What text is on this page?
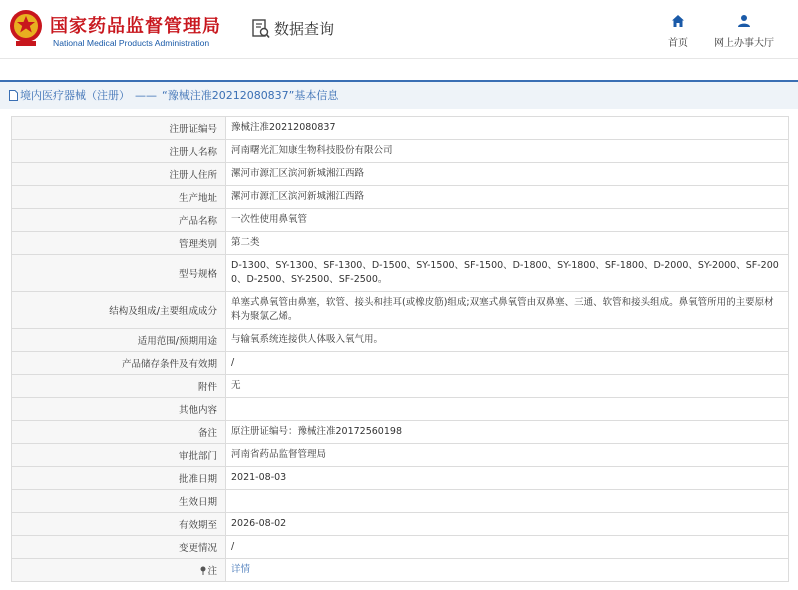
国家药品监督管理局
National Medical Products Administration
数据查询
首页	网上办事大厅
境内医疗器械（注册） —— “豫械注准20212080837”基本信息
注册证编号	豫械注准20212080837
注册人名称	河南曙光汇知康生物科技股份有限公司
注册人住所	漯河市源汇区滨河新城湘江西路
生产地址	漯河市源汇区滨河新城湘江西路
产品名称	一次性使用鼻氧管
管理类别	第二类
型号规格	D-1300、SY-1300、SF-1300、D-1500、SY-1500、SF-1500、D-1800、SY-1800、SF-1800、D-2000、SY-2000、SF-2000、D-2500、SY-2500、SF-2500。
结构及组成/主要组成成分	单塞式鼻氧管由鼻塞，软管、接头和挂耳(或橡皮筋)组成;双塞式鼻氧管由双鼻塞、三通、软管和接头组成。鼻氧管所用的主要原材料为聚氯乙烯。
适用范围/预期用途	与输氧系统连接供人体吸入氧气用。
产品储存条件及有效期	/
附件	无
其他内容	
备注	原注册证编号：豫械注准20172560198
审批部门	河南省药品监督管理局
批准日期	2021-08-03
生效日期	
有效期至	2026-08-02
变更情况	/
注	详情
